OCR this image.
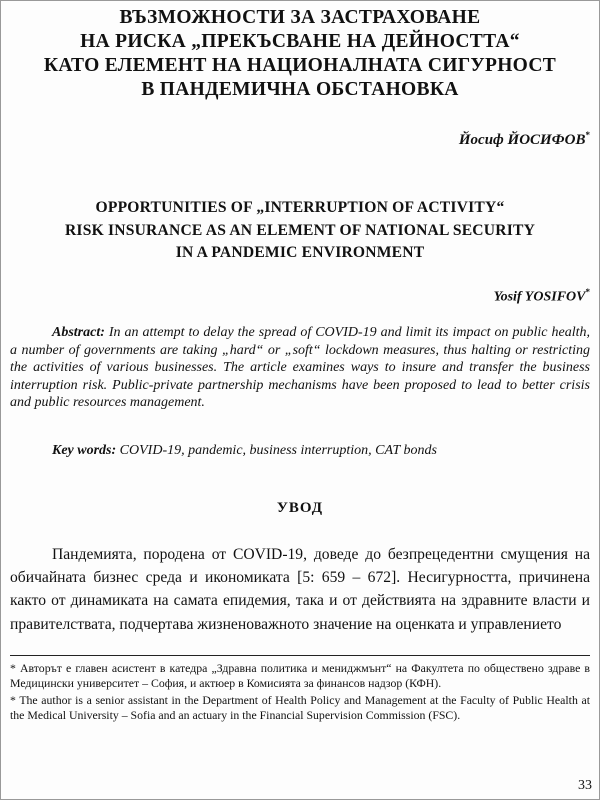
ВЪЗМОЖНОСТИ ЗА ЗАСТРАХОВАНЕ
НА РИСКА „ПРЕКЪСВАНЕ НА ДЕЙНОСТТА“
КАТО ЕЛЕМЕНТ НА НАЦИОНАЛНАТА СИГУРНОСТ
В ПАНДЕМИЧНА ОБСТАНОВКА
Йосиф ЙОСИФОВ*
OPPORTUNITIES OF „INTERRUPTION OF ACTIVITY“
RISK INSURANCE AS AN ELEMENT OF NATIONAL SECURITY
IN A PANDEMIC ENVIRONMENT
Yosif YOSIFOV*
Abstract: In an attempt to delay the spread of COVID-19 and limit its impact on public health, a number of governments are taking „hard“ or „soft“ lockdown measures, thus halting or restricting the activities of various businesses. The article examines ways to insure and transfer the business interruption risk. Public-private partnership mechanisms have been proposed to lead to better crisis and public resources management.
Key words: COVID-19, pandemic, business interruption, CAT bonds
УВОД
Пандемията, породена от COVID-19, доведе до безпрецедентни смущения на обичайната бизнес среда и икономиката [5: 659 – 672]. Несигурността, причинена както от динамиката на самата епидемия, така и от действията на здравните власти и правителствата, подчертава жизненоважното значение на оценката и управлението
* Авторът е главен асистент в катедра „Здравна политика и мениджмънт“ на Факултета по обществено здраве в Медицински университет – София, и актюер в Комисията за финансов надзор (КФН).
* The author is a senior assistant in the Department of Health Policy and Management at the Faculty of Public Health at the Medical University – Sofia and an actuary in the Financial Supervision Commission (FSC).
33
